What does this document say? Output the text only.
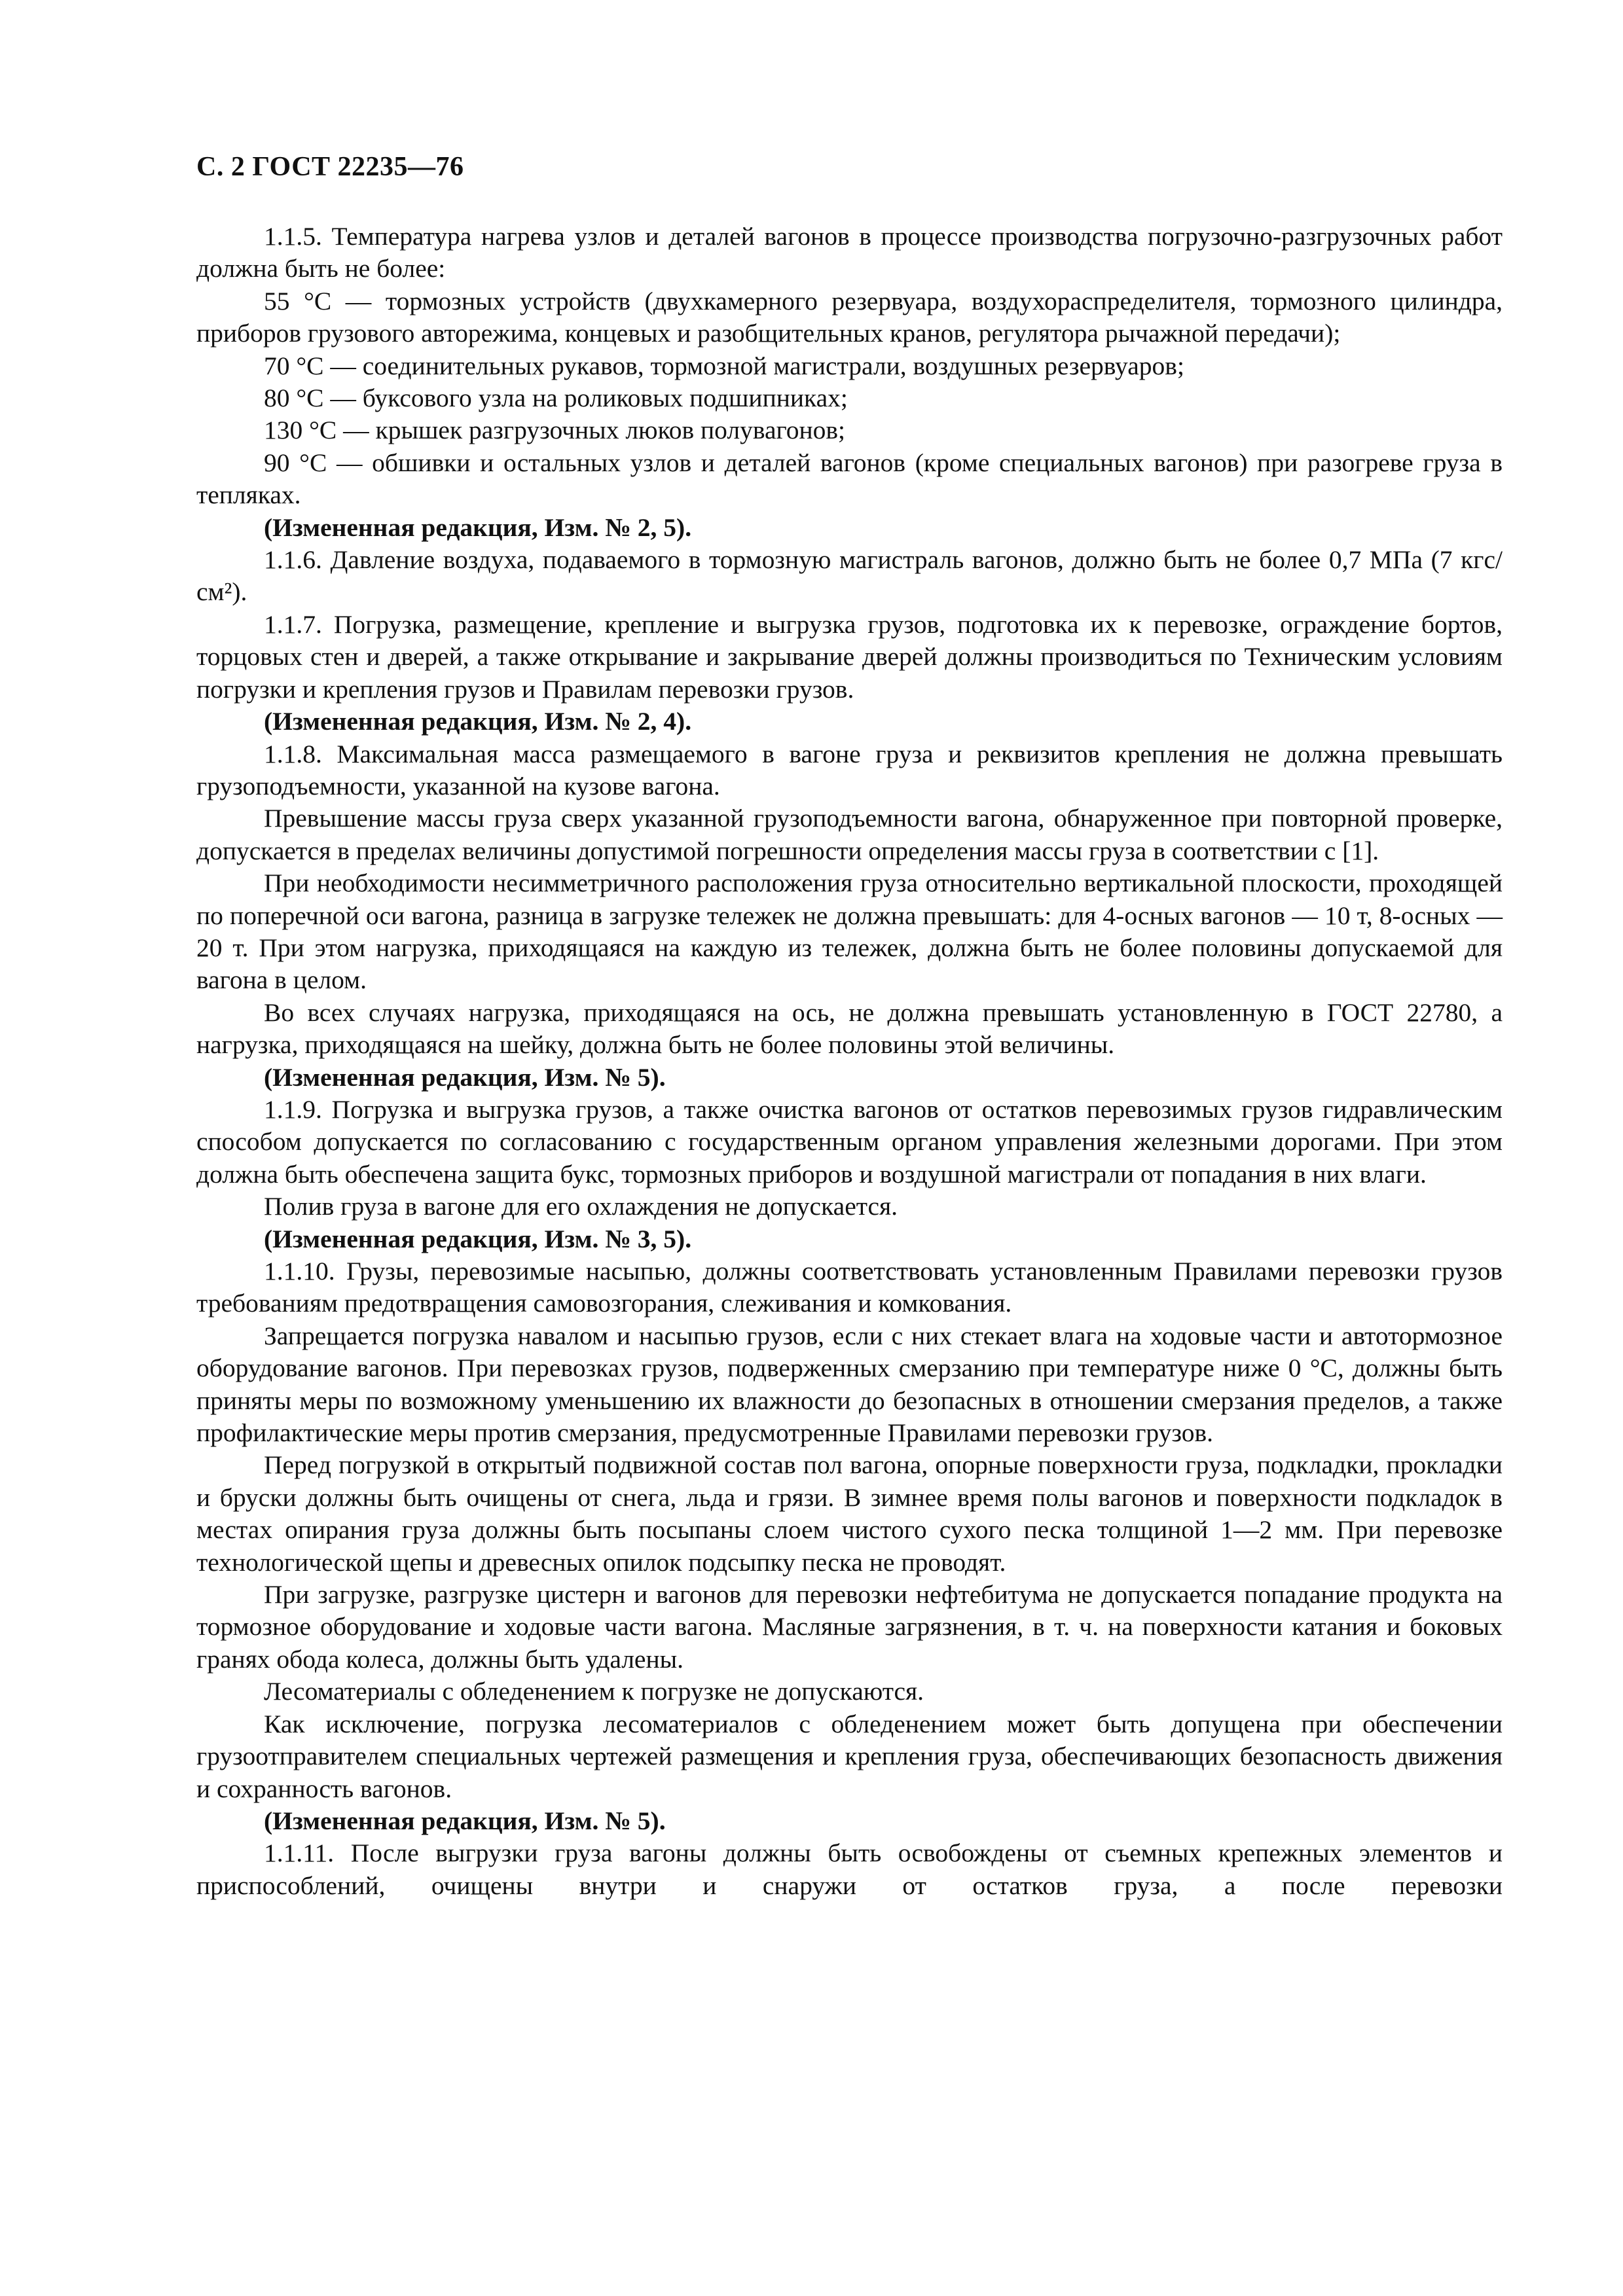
С. 2 ГОСТ 22235—76

1.1.5. Температура нагрева узлов и деталей вагонов в процессе производства погрузочно-разгрузочных работ должна быть не более:

55 °С — тормозных устройств (двухкамерного резервуара, воздухораспределителя, тормозного цилиндра, приборов грузового авторежима, концевых и разобщительных кранов, регулятора рычажной передачи);

70 °С — соединительных рукавов, тормозной магистрали, воздушных резервуаров;

80 °С — буксового узла на роликовых подшипниках;

130 °С — крышек разгрузочных люков полувагонов;

90 °С — обшивки и остальных узлов и деталей вагонов (кроме специальных вагонов) при разогреве груза в тепляках.

(Измененная редакция, Изм. № 2, 5).

1.1.6. Давление воздуха, подаваемого в тормозную магистраль вагонов, должно быть не более 0,7 МПа (7 кгс/см²).

1.1.7. Погрузка, размещение, крепление и выгрузка грузов, подготовка их к перевозке, ограждение бортов, торцовых стен и дверей, а также открывание и закрывание дверей должны производиться по Техническим условиям погрузки и крепления грузов и Правилам перевозки грузов.

(Измененная редакция, Изм. № 2, 4).

1.1.8. Максимальная масса размещаемого в вагоне груза и реквизитов крепления не должна превышать грузоподъемности, указанной на кузове вагона.

Превышение массы груза сверх указанной грузоподъемности вагона, обнаруженное при повторной проверке, допускается в пределах величины допустимой погрешности определения массы груза в соответствии с [1].

При необходимости несимметричного расположения груза относительно вертикальной плоскости, проходящей по поперечной оси вагона, разница в загрузке тележек не должна превышать: для 4-осных вагонов — 10 т, 8-осных — 20 т. При этом нагрузка, приходящаяся на каждую из тележек, должна быть не более половины допускаемой для вагона в целом.

Во всех случаях нагрузка, приходящаяся на ось, не должна превышать установленную в ГОСТ 22780, а нагрузка, приходящаяся на шейку, должна быть не более половины этой величины.

(Измененная редакция, Изм. № 5).

1.1.9. Погрузка и выгрузка грузов, а также очистка вагонов от остатков перевозимых грузов гидравлическим способом допускается по согласованию с государственным органом управления железными дорогами. При этом должна быть обеспечена защита букс, тормозных приборов и воздушной магистрали от попадания в них влаги.

Полив груза в вагоне для его охлаждения не допускается.

(Измененная редакция, Изм. № 3, 5).

1.1.10. Грузы, перевозимые насыпью, должны соответствовать установленным Правилами перевозки грузов требованиям предотвращения самовозгорания, слеживания и комкования.

Запрещается погрузка навалом и насыпью грузов, если с них стекает влага на ходовые части и автотормозное оборудование вагонов. При перевозках грузов, подверженных смерзанию при температуре ниже 0 °С, должны быть приняты меры по возможному уменьшению их влажности до безопасных в отношении смерзания пределов, а также профилактические меры против смерзания, предусмотренные Правилами перевозки грузов.

Перед погрузкой в открытый подвижной состав пол вагона, опорные поверхности груза, подкладки, прокладки и бруски должны быть очищены от снега, льда и грязи. В зимнее время полы вагонов и поверхности подкладок в местах опирания груза должны быть посыпаны слоем чистого сухого песка толщиной 1—2 мм. При перевозке технологической щепы и древесных опилок подсыпку песка не проводят.

При загрузке, разгрузке цистерн и вагонов для перевозки нефтебитума не допускается попадание продукта на тормозное оборудование и ходовые части вагона. Масляные загрязнения, в т. ч. на поверхности катания и боковых гранях обода колеса, должны быть удалены.

Лесоматериалы с обледенением к погрузке не допускаются.

Как исключение, погрузка лесоматериалов с обледенением может быть допущена при обеспечении грузоотправителем специальных чертежей размещения и крепления груза, обеспечивающих безопасность движения и сохранность вагонов.

(Измененная редакция, Изм. № 5).

1.1.11. После выгрузки груза вагоны должны быть освобождены от съемных крепежных элементов и приспособлений, очищены внутри и снаружи от остатков груза, а после перевозки
